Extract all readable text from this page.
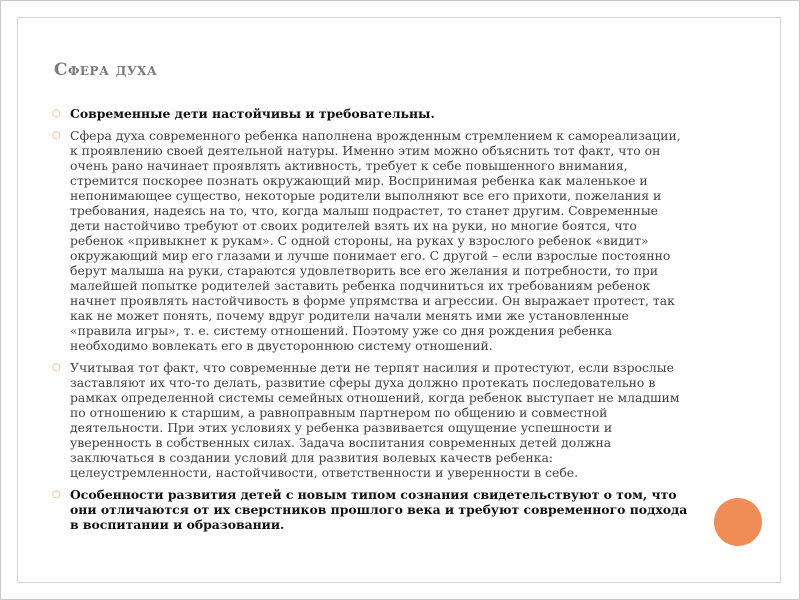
Сфера духа
○ Современные дети настойчивы и требовательны.
○ Сфера духа современного ребенка наполнена врожденным стремлением к самореализации, к проявлению своей деятельной натуры. Именно этим можно объяснить тот факт, что он очень рано начинает проявлять активность, требует к себе повышенного внимания, стремится поскорее познать окружающий мир. Воспринимая ребенка как маленькое и непонимающее существо, некоторые родители выполняют все его прихоти, пожелания и требования, надеясь на то, что, когда малыш подрастет, то станет другим. Современные дети настойчиво требуют от своих родителей взять их на руки, но многие боятся, что ребенок «привыкнет к рукам». С одной стороны, на руках у взрослого ребенок «видит» окружающий мир его глазами и лучше понимает его. С другой – если взрослые постоянно берут малыша на руки, стараются удовлетворить все его желания и потребности, то при малейшей попытке родителей заставить ребенка подчиниться их требованиям ребенок начнет проявлять настойчивость в форме упрямства и агрессии. Он выражает протест, так как не может понять, почему вдруг родители начали менять ими же установленные «правила игры», т. е. систему отношений. Поэтому уже со дня рождения ребенка необходимо вовлекать его в двустороннюю систему отношений.
○ Учитывая тот факт, что современные дети не терпят насилия и протестуют, если взрослые заставляют их что-то делать, развитие сферы духа должно протекать последовательно в рамках определенной системы семейных отношений, когда ребенок выступает не младшим по отношению к старшим, а равноправным партнером по общению и совместной деятельности. При этих условиях у ребенка развивается ощущение успешности и уверенность в собственных силах. Задача воспитания современных детей должна заключаться в создании условий для развития волевых качеств ребенка: целеустремленности, настойчивости, ответственности и уверенности в себе.
○ Особенности развития детей с новым типом сознания свидетельствуют о том, что они отличаются от их сверстников прошлого века и требуют современного подхода в воспитании и образовании.
